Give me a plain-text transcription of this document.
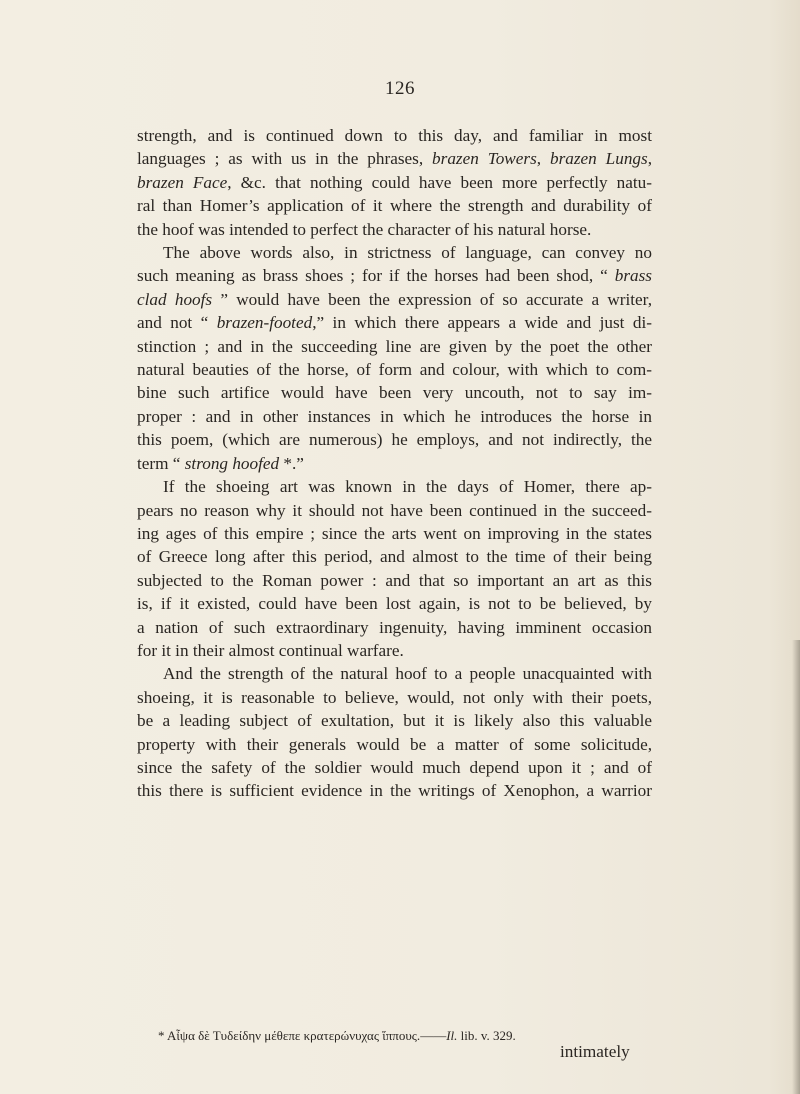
126
strength, and is continued down to this day, and familiar in most
languages ; as with us in the phrases, brazen Towers, brazen Lungs,
brazen Face, &c. that nothing could have been more perfectly natu-
ral than Homer’s application of it where the strength and durability of
the hoof was intended to perfect the character of his natural horse.
The above words also, in strictness of language, can convey no
such meaning as brass shoes ; for if the horses had been shod, “ brass
clad hoofs ” would have been the expression of so accurate a writer,
and not “ brazen-footed,” in which there appears a wide and just di-
stinction ; and in the succeeding line are given by the poet the other
natural beauties of the horse, of form and colour, with which to com-
bine such artifice would have been very uncouth, not to say im-
proper : and in other instances in which he introduces the horse in
this poem, (which are numerous) he employs, and not indirectly, the
term “ strong hoofed *.”
If the shoeing art was known in the days of Homer, there ap-
pears no reason why it should not have been continued in the succeed-
ing ages of this empire ; since the arts went on improving in the states
of Greece long after this period, and almost to the time of their being
subjected to the Roman power : and that so important an art as this
is, if it existed, could have been lost again, is not to be believed, by
a nation of such extraordinary ingenuity, having imminent occasion
for it in their almost continual warfare.
And the strength of the natural hoof to a people unacquainted with
shoeing, it is reasonable to believe, would, not only with their poets,
be a leading subject of exultation, but it is likely also this valuable
property with their generals would be a matter of some solicitude,
since the safety of the soldier would much depend upon it ; and of
this there is sufficient evidence in the writings of Xenophon, a warrior
* Αἶψα δὲ Τυδείδην μέθεπε κρατερώνυχας ἵππους.——Il. lib. v. 329.
intimately
